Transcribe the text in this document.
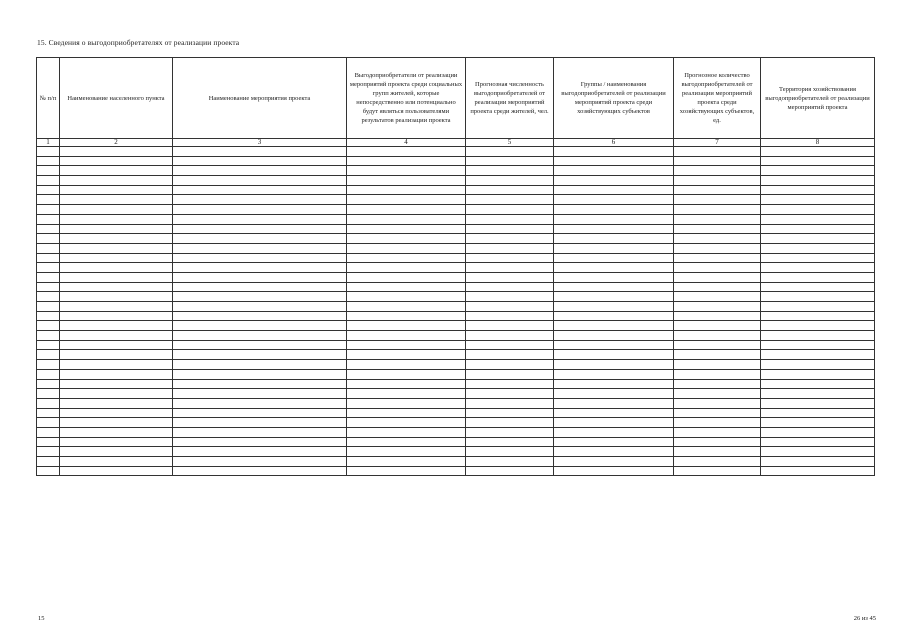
15. Сведения о выгодоприобретателях от реализации проекта
№ п/п	Наименование населенного пункта	Наименование мероприятия проекта	Выгодоприобретатели от реализации мероприятий проекта среди социальных групп жителей, которые непосредственно или потенциально будут являться пользователями результатов реализации проекта	Прогнозная численность выгодоприобретателей от реализации мероприятий проекта среди жителей, чел.	Группы / наименования выгодоприобретателей от реализации мероприятий проекта среди хозяйствующих субъектов	Прогнозное количество выгодоприобретателей от реализации мероприятий проекта среди хозяйствующих субъектов, ед.	Территория хозяйствования выгодоприобретателей от реализации мероприятий проекта
1	2	3	4	5	6	7	8

15	26 из 45
